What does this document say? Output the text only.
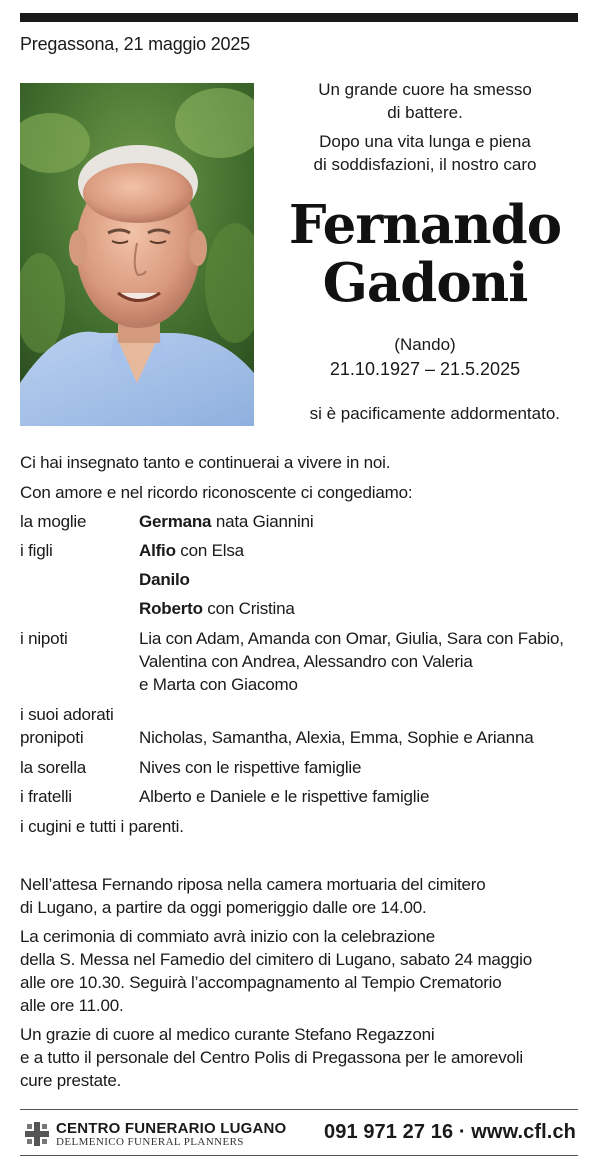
Pregassona, 21 maggio 2025
Un grande cuore ha smesso
di battere.
Dopo una vita lunga e piena
di soddisfazioni, il nostro caro
Fernando
Gadoni
(Nando)
21.10.1927 – 21.5.2025
si è pacificamente addormentato.
Ci hai insegnato tanto e continuerai a vivere in noi.
Con amore e nel ricordo riconoscente ci congediamo:
la moglie	Germana nata Giannini
i figli	Alfio con Elsa
Danilo
Roberto con Cristina
i nipoti	Lia con Adam, Amanda con Omar, Giulia, Sara con Fabio,
Valentina con Andrea, Alessandro con Valeria
e Marta con Giacomo
i suoi adorati
pronipoti	Nicholas, Samantha, Alexia, Emma, Sophie e Arianna
la sorella	Nives con le rispettive famiglie
i fratelli	Alberto e Daniele e le rispettive famiglie
i cugini e tutti i parenti.
Nell’attesa Fernando riposa nella camera mortuaria del cimitero
di Lugano, a partire da oggi pomeriggio dalle ore 14.00.
La cerimonia di commiato avrà inizio con la celebrazione
della S. Messa nel Famedio del cimitero di Lugano, sabato 24 maggio
alle ore 10.30. Seguirà l’accompagnamento al Tempio Crematorio
alle ore 11.00.
Un grazie di cuore al medico curante Stefano Regazzoni
e a tutto il personale del Centro Polis di Pregassona per le amorevoli
cure prestate.
CENTRO FUNERARIO LUGANO
DELMENICO FUNERAL PLANNERS	091 971 27 16 · www.cfl.ch
